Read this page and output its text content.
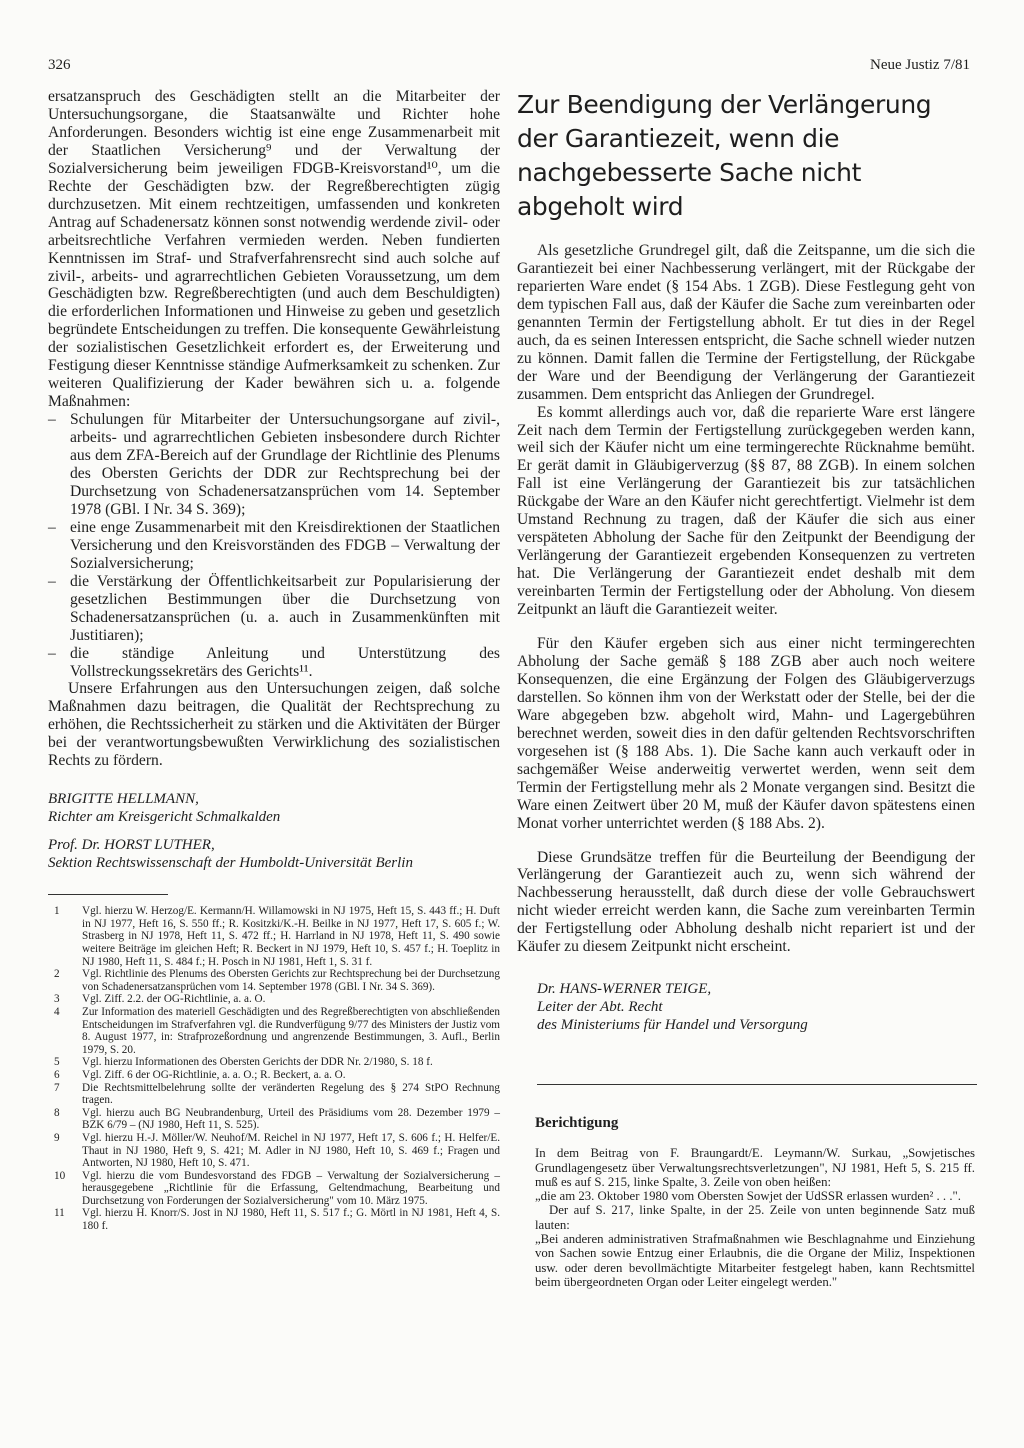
326	Neue Justiz 7/81

ersatzanspruch des Geschädigten stellt an die Mitarbeiter der Untersuchungsorgane, die Staatsanwälte und Richter hohe Anforderungen. Besonders wichtig ist eine enge Zusammenarbeit mit der Staatlichen Versicherung⁹ und der Verwaltung der Sozialversicherung beim jeweiligen FDGB-Kreisvorstand¹⁰, um die Rechte der Geschädigten bzw. der Regreßberechtigten zügig durchzusetzen. Mit einem rechtzeitigen, umfassenden und konkreten Antrag auf Schadenersatz können sonst notwendig werdende zivil- oder arbeitsrechtliche Verfahren vermieden werden. Neben fundierten Kenntnissen im Straf- und Strafverfahrensrecht sind auch solche auf zivil-, arbeits- und agrarrechtlichen Gebieten Voraussetzung, um dem Geschädigten bzw. Regreßberechtigten (und auch dem Beschuldigten) die erforderlichen Informationen und Hinweise zu geben und gesetzlich begründete Entscheidungen zu treffen. Die konsequente Gewährleistung der sozialistischen Gesetzlichkeit erfordert es, der Erweiterung und Festigung dieser Kenntnisse ständige Aufmerksamkeit zu schenken. Zur weiteren Qualifizierung der Kader bewähren sich u. a. folgende Maßnahmen:

– Schulungen für Mitarbeiter der Untersuchungsorgane auf zivil-, arbeits- und agrarrechtlichen Gebieten insbesondere durch Richter aus dem ZFA-Bereich auf der Grundlage der Richtlinie des Plenums des Obersten Gerichts der DDR zur Rechtsprechung bei der Durchsetzung von Schadenersatzansprüchen vom 14. September 1978 (GBl. I Nr. 34 S. 369);
– eine enge Zusammenarbeit mit den Kreisdirektionen der Staatlichen Versicherung und den Kreisvorständen des FDGB – Verwaltung der Sozialversicherung;
– die Verstärkung der Öffentlichkeitsarbeit zur Popularisierung der gesetzlichen Bestimmungen über die Durchsetzung von Schadenersatzansprüchen (u. a. auch in Zusammenkünften mit Justitiaren);
– die ständige Anleitung und Unterstützung des Vollstreckungssekretärs des Gerichts¹¹.

Unsere Erfahrungen aus den Untersuchungen zeigen, daß solche Maßnahmen dazu beitragen, die Qualität der Rechtsprechung zu erhöhen, die Rechtssicherheit zu stärken und die Aktivitäten der Bürger bei der verantwortungsbewußten Verwirklichung des sozialistischen Rechts zu fördern.

BRIGITTE HELLMANN,

Richter am Kreisgericht Schmalkalden

Prof. Dr. HORST LUTHER,

Sektion Rechtswissenschaft der Humboldt-Universität Berlin

1 Vgl. hierzu W. Herzog/E. Kermann/H. Willamowski in NJ 1975, Heft 15, S. 443 ff.; H. Duft in NJ 1977, Heft 16, S. 550 ff.; R. Kositzki/K.-H. Beilke in NJ 1977, Heft 17, S. 605 f.; W. Strasberg in NJ 1978, Heft 11, S. 472 ff.; H. Harrland in NJ 1978, Heft 11, S. 490 sowie weitere Beiträge im gleichen Heft; R. Beckert in NJ 1979, Heft 10, S. 457 f.; H. Toeplitz in NJ 1980, Heft 11, S. 484 f.; H. Posch in NJ 1981, Heft 1, S. 31 f.

2 Vgl. Richtlinie des Plenums des Obersten Gerichts zur Rechtsprechung bei der Durchsetzung von Schadenersatzansprüchen vom 14. September 1978 (GBl. I Nr. 34 S. 369).

3 Vgl. Ziff. 2.2. der OG-Richtlinie, a. a. O.

4 Zur Information des materiell Geschädigten und des Regreßberechtigten von abschließenden Entscheidungen im Strafverfahren vgl. die Rundverfügung 9/77 des Ministers der Justiz vom 8. August 1977, in: Strafprozeßordnung und angrenzende Bestimmungen, 3. Aufl., Berlin 1979, S. 20.

5 Vgl. hierzu Informationen des Obersten Gerichts der DDR Nr. 2/1980, S. 18 f.

6 Vgl. Ziff. 6 der OG-Richtlinie, a. a. O.; R. Beckert, a. a. O.

7 Die Rechtsmittelbelehrung sollte der veränderten Regelung des § 274 StPO Rechnung tragen.

8 Vgl. hierzu auch BG Neubrandenburg, Urteil des Präsidiums vom 28. Dezember 1979 – BZK 6/79 – (NJ 1980, Heft 11, S. 525).

9 Vgl. hierzu H.-J. Möller/W. Neuhof/M. Reichel in NJ 1977, Heft 17, S. 606 f.; H. Helfer/E. Thaut in NJ 1980, Heft 9, S. 421; M. Adler in NJ 1980, Heft 10, S. 469 f.; Fragen und Antworten, NJ 1980, Heft 10, S. 471.

10 Vgl. hierzu die vom Bundesvorstand des FDGB – Verwaltung der Sozialversicherung – herausgegebene „Richtlinie für die Erfassung, Geltendmachung, Bearbeitung und Durchsetzung von Forderungen der Sozialversicherung" vom 10. März 1975.

11 Vgl. hierzu H. Knorr/S. Jost in NJ 1980, Heft 11, S. 517 f.; G. Mörtl in NJ 1981, Heft 4, S. 180 f.

Zur Beendigung der Verlängerung
der Garantiezeit, wenn die
nachgebesserte Sache nicht abgeholt wird

Als gesetzliche Grundregel gilt, daß die Zeitspanne, um die sich die Garantiezeit bei einer Nachbesserung verlängert, mit der Rückgabe der reparierten Ware endet (§ 154 Abs. 1 ZGB). Diese Festlegung geht von dem typischen Fall aus, daß der Käufer die Sache zum vereinbarten oder genannten Termin der Fertigstellung abholt. Er tut dies in der Regel auch, da es seinen Interessen entspricht, die Sache schnell wieder nutzen zu können. Damit fallen die Termine der Fertigstellung, der Rückgabe der Ware und der Beendigung der Verlängerung der Garantiezeit zusammen. Dem entspricht das Anliegen der Grundregel.

Es kommt allerdings auch vor, daß die reparierte Ware erst längere Zeit nach dem Termin der Fertigstellung zurückgegeben werden kann, weil sich der Käufer nicht um eine termingerechte Rücknahme bemüht. Er gerät damit in Gläubigerverzug (§§ 87, 88 ZGB). In einem solchen Fall ist eine Verlängerung der Garantiezeit bis zur tatsächlichen Rückgabe der Ware an den Käufer nicht gerechtfertigt. Vielmehr ist dem Umstand Rechnung zu tragen, daß der Käufer die sich aus einer verspäteten Abholung der Sache für den Zeitpunkt der Beendigung der Verlängerung der Garantiezeit ergebenden Konsequenzen zu vertreten hat. Die Verlängerung der Garantiezeit endet deshalb mit dem vereinbarten Termin der Fertigstellung oder der Abholung. Von diesem Zeitpunkt an läuft die Garantiezeit weiter.

Für den Käufer ergeben sich aus einer nicht termingerechten Abholung der Sache gemäß § 188 ZGB aber auch noch weitere Konsequenzen, die eine Ergänzung der Folgen des Gläubigerverzugs darstellen. So können ihm von der Werkstatt oder der Stelle, bei der die Ware abgegeben bzw. abgeholt wird, Mahn- und Lagergebühren berechnet werden, soweit dies in den dafür geltenden Rechtsvorschriften vorgesehen ist (§ 188 Abs. 1). Die Sache kann auch verkauft oder in sachgemäßer Weise anderweitig verwertet werden, wenn seit dem Termin der Fertigstellung mehr als 2 Monate vergangen sind. Besitzt die Ware einen Zeitwert über 20 M, muß der Käufer davon spätestens einen Monat vorher unterrichtet werden (§ 188 Abs. 2).

Diese Grundsätze treffen für die Beurteilung der Beendigung der Verlängerung der Garantiezeit auch zu, wenn sich während der Nachbesserung herausstellt, daß durch diese der volle Gebrauchswert nicht wieder erreicht werden kann, die Sache zum vereinbarten Termin der Fertigstellung oder Abholung deshalb nicht repariert ist und der Käufer zu diesem Zeitpunkt nicht erscheint.

Dr. HANS-WERNER TEIGE,

Leiter der Abt. Recht

des Ministeriums für Handel und Versorgung

Berichtigung

In dem Beitrag von F. Braungardt/E. Leymann/W. Surkau, „Sowjetisches Grundlagengesetz über Verwaltungsrechtsverletzungen", NJ 1981, Heft 5, S. 215 ff. muß es auf S. 215, linke Spalte, 3. Zeile von oben heißen:

„die am 23. Oktober 1980 vom Obersten Sowjet der UdSSR erlassen wurden² . . .".

Der auf S. 217, linke Spalte, in der 25. Zeile von unten beginnende Satz muß lauten:

„Bei anderen administrativen Strafmaßnahmen wie Beschlagnahme und Einziehung von Sachen sowie Entzug einer Erlaubnis, die die Organe der Miliz, Inspektionen usw. oder deren bevollmächtigte Mitarbeiter festgelegt haben, kann Rechtsmittel beim übergeordneten Organ oder Leiter eingelegt werden."
